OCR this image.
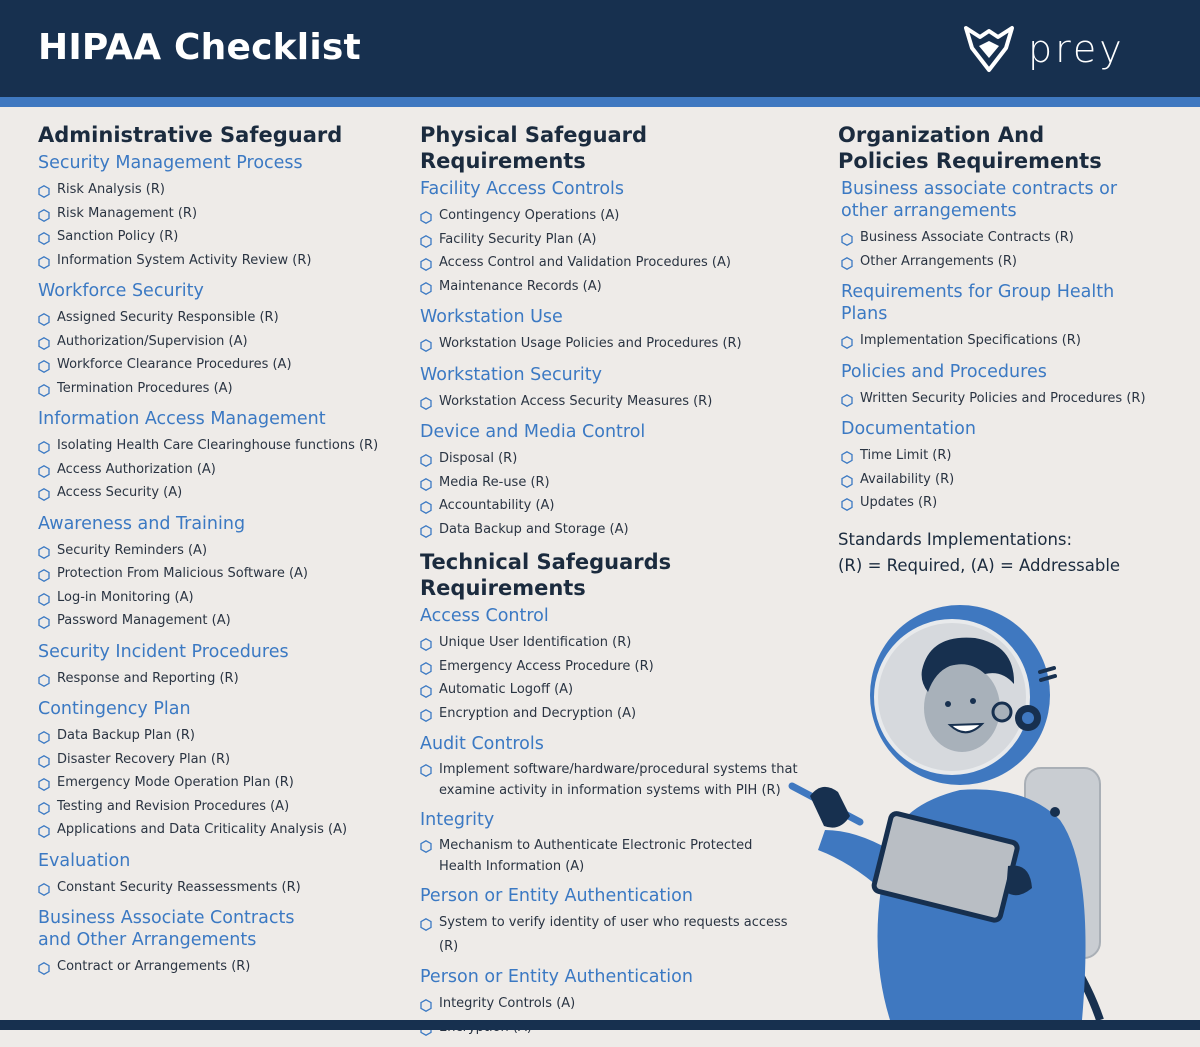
HIPAA Checklist	prey
Administrative Safeguard
Security Management Process
Risk Analysis (R)
Risk Management (R)
Sanction Policy (R)
Information System Activity Review (R)
Workforce Security
Assigned Security Responsible (R)
Authorization/Supervision (A)
Workforce Clearance Procedures (A)
Termination Procedures (A)
Information Access Management
Isolating Health Care Clearinghouse functions (R)
Access Authorization (A)
Access Security (A)
Awareness and Training
Security Reminders (A)
Protection From Malicious Software (A)
Log-in Monitoring (A)
Password Management (A)
Security Incident Procedures
Response and Reporting (R)
Contingency Plan
Data Backup Plan (R)
Disaster Recovery Plan (R)
Emergency Mode Operation Plan (R)
Testing and Revision Procedures (A)
Applications and Data Criticality Analysis (A)
Evaluation
Constant Security Reassessments (R)
Business Associate Contracts and Other Arrangements
Contract or Arrangements (R)
Physical Safeguard Requirements
Facility Access Controls
Contingency Operations (A)
Facility Security Plan (A)
Access Control and Validation Procedures (A)
Maintenance Records (A)
Workstation Use
Workstation Usage Policies and Procedures (R)
Workstation Security
Workstation Access Security Measures (R)
Device and Media Control
Disposal (R)
Media Re-use (R)
Accountability (A)
Data Backup and Storage (A)
Technical Safeguards Requirements
Access Control
Unique User Identification (R)
Emergency Access Procedure (R)
Automatic Logoff (A)
Encryption and Decryption (A)
Audit Controls
Implement software/hardware/procedural systems that examine activity in information systems with PIH (R)
Integrity
Mechanism to Authenticate Electronic Protected Health Information (A)
Person or Entity Authentication
System to verify identity of user who requests access (R)
Person or Entity Authentication
Integrity Controls (A)
Organization And Policies Requirements
Business associate contracts or other arrangements
Business Associate Contracts (R)
Other Arrangements (R)
Requirements for Group Health Plans
Implementation Specifications (R)
Policies and Procedures
Written Security Policies and Procedures (R)
Documentation
Time Limit (R)
Availability (R)
Updates (R)
Standards Implementations:
(R) = Required, (A) = Addressable
